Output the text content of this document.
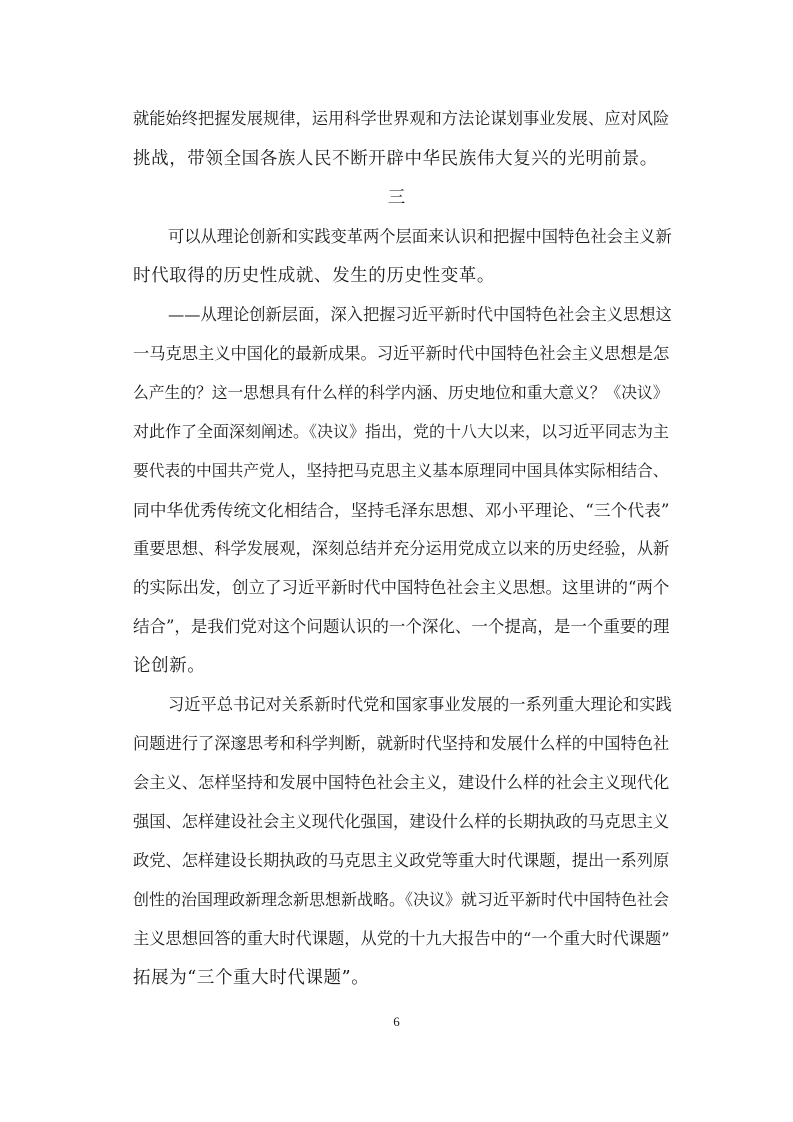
就能始终把握发展规律，运用科学世界观和方法论谋划事业发展、应对风险
挑战，带领全国各族人民不断开辟中华民族伟大复兴的光明前景。
三
可以从理论创新和实践变革两个层面来认识和把握中国特色社会主义新
时代取得的历史性成就、发生的历史性变革。
——从理论创新层面，深入把握习近平新时代中国特色社会主义思想这
一马克思主义中国化的最新成果。习近平新时代中国特色社会主义思想是怎
么产生的？这一思想具有什么样的科学内涵、历史地位和重大意义？《决议》
对此作了全面深刻阐述。《决议》指出，党的十八大以来，以习近平同志为主
要代表的中国共产党人，坚持把马克思主义基本原理同中国具体实际相结合、
同中华优秀传统文化相结合，坚持毛泽东思想、邓小平理论、“三个代表”
重要思想、科学发展观，深刻总结并充分运用党成立以来的历史经验，从新
的实际出发，创立了习近平新时代中国特色社会主义思想。这里讲的“两个
结合”，是我们党对这个问题认识的一个深化、一个提高，是一个重要的理
论创新。
习近平总书记对关系新时代党和国家事业发展的一系列重大理论和实践
问题进行了深邃思考和科学判断，就新时代坚持和发展什么样的中国特色社
会主义、怎样坚持和发展中国特色社会主义，建设什么样的社会主义现代化
强国、怎样建设社会主义现代化强国，建设什么样的长期执政的马克思主义
政党、怎样建设长期执政的马克思主义政党等重大时代课题，提出一系列原
创性的治国理政新理念新思想新战略。《决议》就习近平新时代中国特色社会
主义思想回答的重大时代课题，从党的十九大报告中的“一个重大时代课题”
拓展为“三个重大时代课题”。
6
